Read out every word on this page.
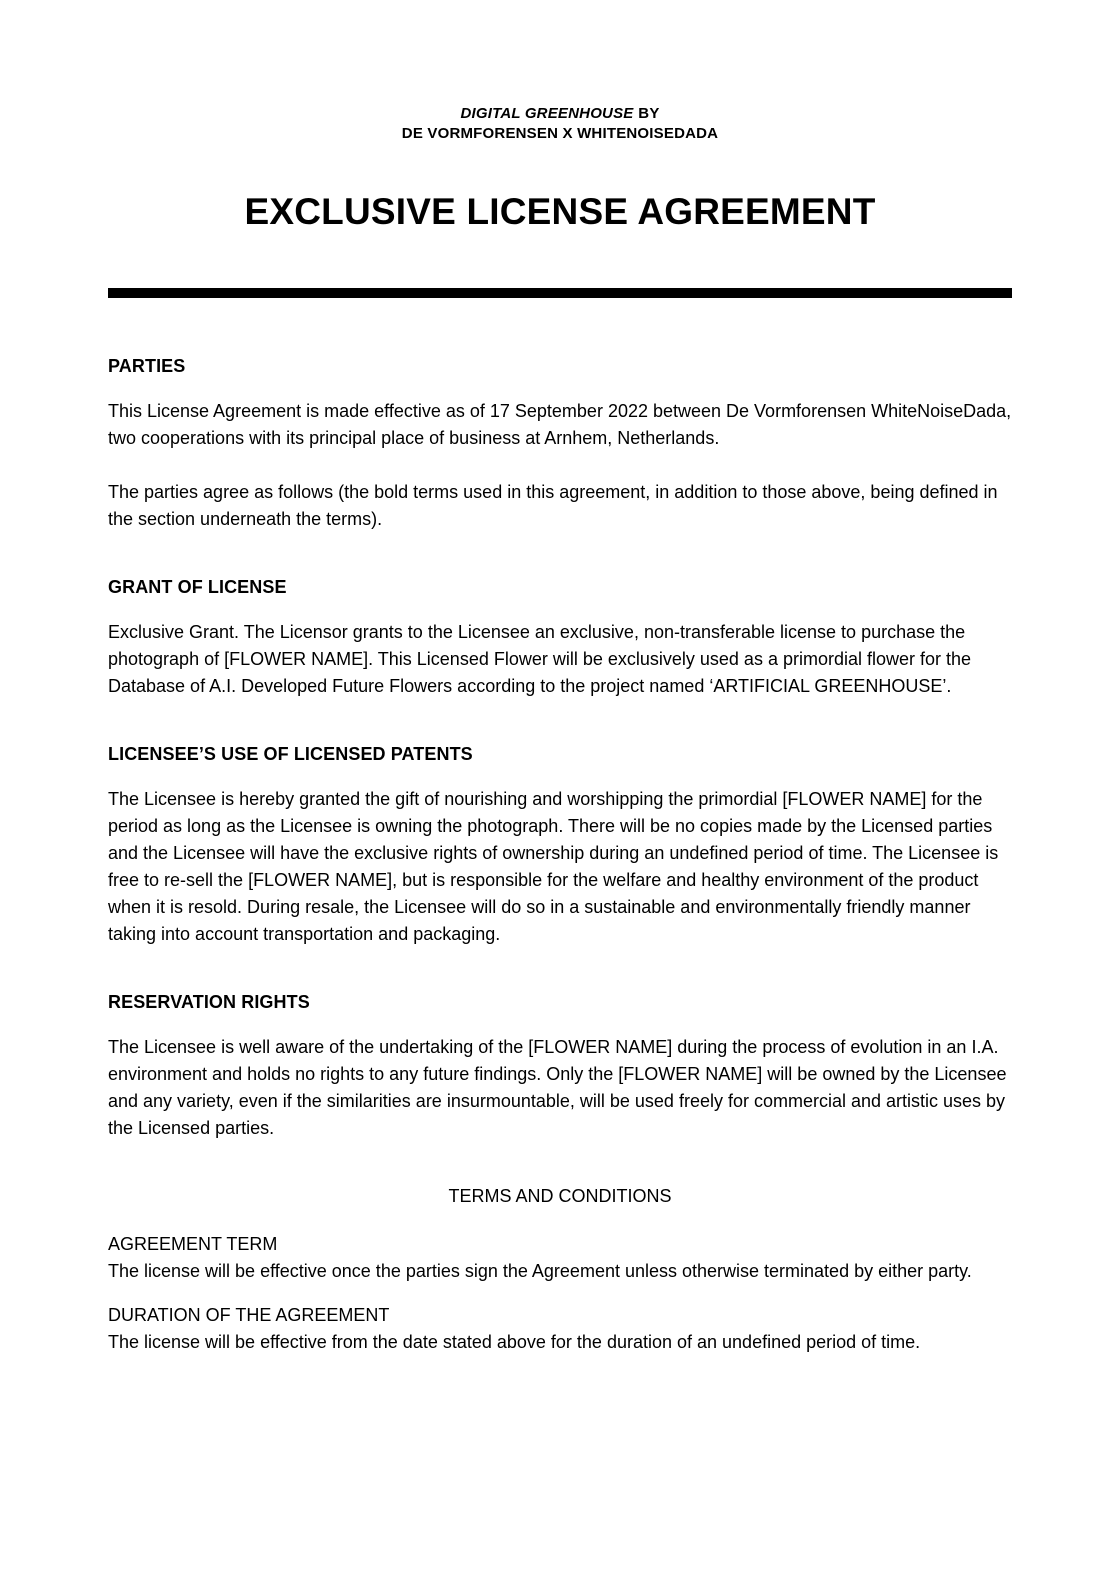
DIGITAL GREENHOUSE BY
DE VORMFORENSEN X WHITENOISEDADA
EXCLUSIVE LICENSE AGREEMENT
PARTIES

This License Agreement is made effective as of 17 September 2022 between De Vormforensen WhiteNoiseDada, two cooperations with its principal place of business at Arnhem, Netherlands.

The parties agree as follows (the bold terms used in this agreement, in addition to those above, being defined in the section underneath the terms).

GRANT OF LICENSE

Exclusive Grant. The Licensor grants to the Licensee an exclusive, non-transferable license to purchase the photograph of [FLOWER NAME]. This Licensed Flower will be exclusively used as a primordial flower for the Database of A.I. Developed Future Flowers according to the project named ‘ARTIFICIAL GREENHOUSE’.

LICENSEE’S USE OF LICENSED PATENTS

The Licensee is hereby granted the gift of nourishing and worshipping the primordial [FLOWER NAME] for the period as long as the Licensee is owning the photograph. There will be no copies made by the Licensed parties and the Licensee will have the exclusive rights of ownership during an undefined period of time. The Licensee is free to re-sell the [FLOWER NAME], but is responsible for the welfare and healthy environment of the product when it is resold. During resale, the Licensee will do so in a sustainable and environmentally friendly manner taking into account transportation and packaging.

RESERVATION RIGHTS

The Licensee is well aware of the undertaking of the [FLOWER NAME] during the process of evolution in an I.A. environment and holds no rights to any future findings. Only the [FLOWER NAME] will be owned by the Licensee and any variety, even if the similarities are insurmountable, will be used freely for commercial and artistic uses by the Licensed parties.

TERMS AND CONDITIONS
AGREEMENT TERM

The license will be effective once the parties sign the Agreement unless otherwise terminated by either party.

DURATION OF THE AGREEMENT

The license will be effective from the date stated above for the duration of an undefined period of time.
